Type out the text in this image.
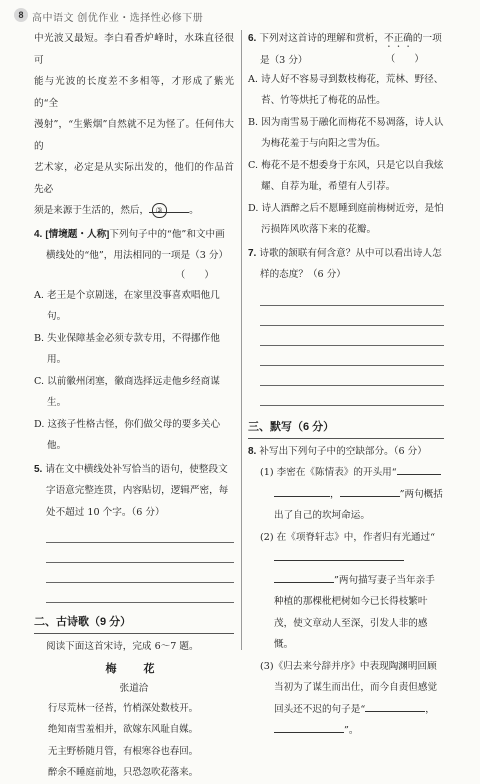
8 高中语文 创优作业・选择性必修下册

中光波又最短。李白看香炉峰时，水珠直径很可

能与光波的长度差不多相等，才形成了紫光的“全

漫射”，“生紫烟”自然就不足为怪了。任何伟大的

艺术家，必定是从实际出发的，他们的作品首先必

须是来源于生活的，然后， ③	。

4. [情境题・人称]下列句子中的“他”和文中画横线处的“他”，用法相同的一项是（3 分）

（　　）

A. 老王是个京剧迷，在家里没事喜欢唱他几句。

B. 失业保障基金必须专款专用，不得挪作他用。

C. 以前徽州闭塞，徽商选择远走他乡经商谋生。

D. 这孩子性格古怪，你们做父母的要多关心他。

5. 请在文中横线处补写恰当的语句，使整段文字语意完整连贯，内容贴切，逻辑严密，每处不超过 10 个字。（6 分）

二、古诗歌（9 分）

阅读下面这首宋诗，完成 6～7 题。

梅　花

张道洽

行尽荒林一径苔，竹梢深处数枝开。

绝知南雪羞相并，欲嫁东风耻自媒。

无主野桥随月管，有根寒谷也春回。

醉余不睡庭前地，只恐忽吹花落来。

6. 下列对这首诗的理解和赏析，不正确的一项是（3 分）	（　　）

A. 诗人好不容易寻到数枝梅花，荒林、野径、苔、竹等烘托了梅花的品性。

B. 因为南雪易于融化而梅花不易凋落，诗人认为梅花羞于与向阳之雪为伍。

C. 梅花不是不想委身于东风，只是它以自我炫耀、自荐为耻，希望有人引荐。

D. 诗人酒醉之后不愿睡到庭前梅树近旁，是怕污损阵风吹落下来的花瓣。

7. 诗歌的颔联有何含意？从中可以看出诗人怎样的态度？（6 分）

三、默写（6 分）

8. 补写出下列句子中的空缺部分。（6 分）

(1) 李密在《陈情表》的开头用“ ，	”两句概括出了自己的坎坷命运。

(2) 在《项脊轩志》中，作者归有光通过“”两句描写妻子当年亲手种植的那棵枇杷树如今已长得枝繁叶茂，使文章动人至深，引发人非的感慨。

(3)《归去来兮辞并序》中表现陶渊明回顾当初为了谋生而出仕，而今自责但感觉回头还不迟的句子是“	，”。
